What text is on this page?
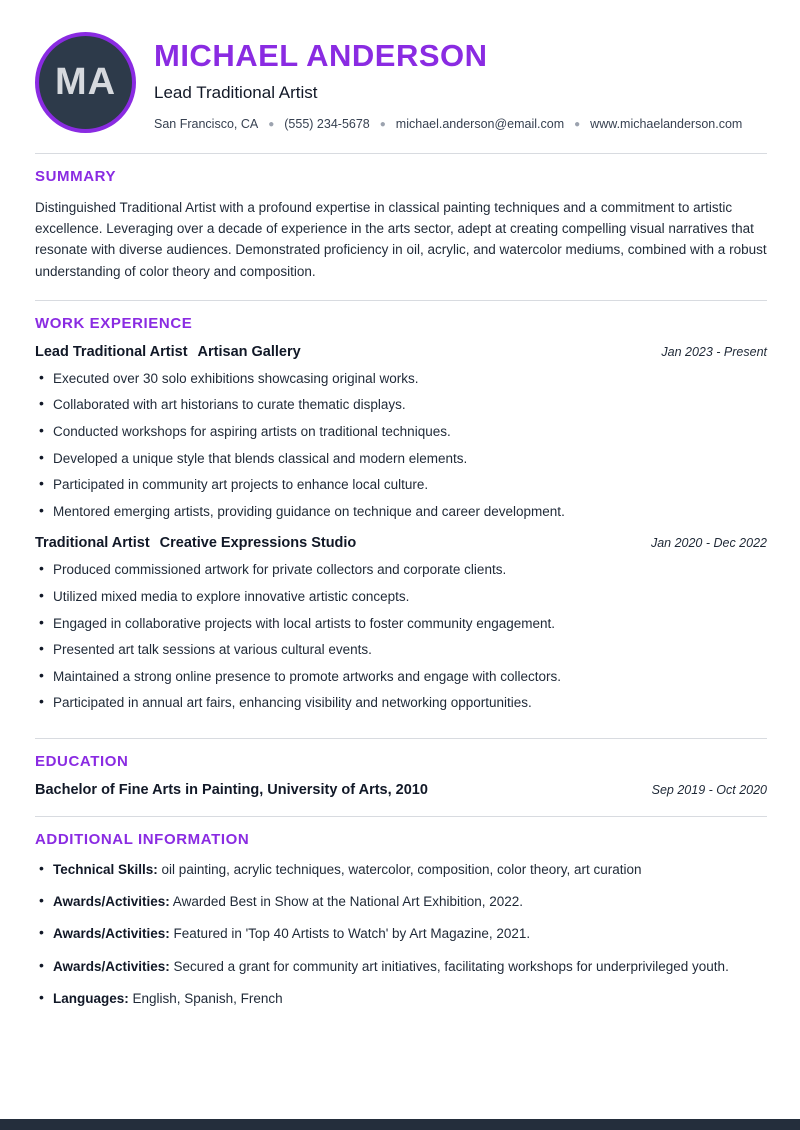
MA
MICHAEL ANDERSON
Lead Traditional Artist
San Francisco, CA ● (555) 234-5678 ● michael.anderson@email.com ● www.michaelanderson.com
SUMMARY

Distinguished Traditional Artist with a profound expertise in classical painting techniques and a commitment to artistic excellence. Leveraging over a decade of experience in the arts sector, adept at creating compelling visual narratives that resonate with diverse audiences. Demonstrated proficiency in oil, acrylic, and watercolor mediums, combined with a robust understanding of color theory and composition.

WORK EXPERIENCE
Lead Traditional Artist Artisan Gallery	Jan 2023 - Present
• Executed over 30 solo exhibitions showcasing original works.
• Collaborated with art historians to curate thematic displays.
• Conducted workshops for aspiring artists on traditional techniques.
• Developed a unique style that blends classical and modern elements.
• Participated in community art projects to enhance local culture.
• Mentored emerging artists, providing guidance on technique and career development.
Traditional Artist Creative Expressions Studio	Jan 2020 - Dec 2022
• Produced commissioned artwork for private collectors and corporate clients.
• Utilized mixed media to explore innovative artistic concepts.
• Engaged in collaborative projects with local artists to foster community engagement.
• Presented art talk sessions at various cultural events.
• Maintained a strong online presence to promote artworks and engage with collectors.
• Participated in annual art fairs, enhancing visibility and networking opportunities.
EDUCATION
Bachelor of Fine Arts in Painting, University of Arts, 2010	Sep 2019 - Oct 2020
ADDITIONAL INFORMATION
• Technical Skills: oil painting, acrylic techniques, watercolor, composition, color theory, art curation
• Awards/Activities: Awarded Best in Show at the National Art Exhibition, 2022.
• Awards/Activities: Featured in 'Top 40 Artists to Watch' by Art Magazine, 2021.
• Awards/Activities: Secured a grant for community art initiatives, facilitating workshops for underprivileged youth.
• Languages: English, Spanish, French
